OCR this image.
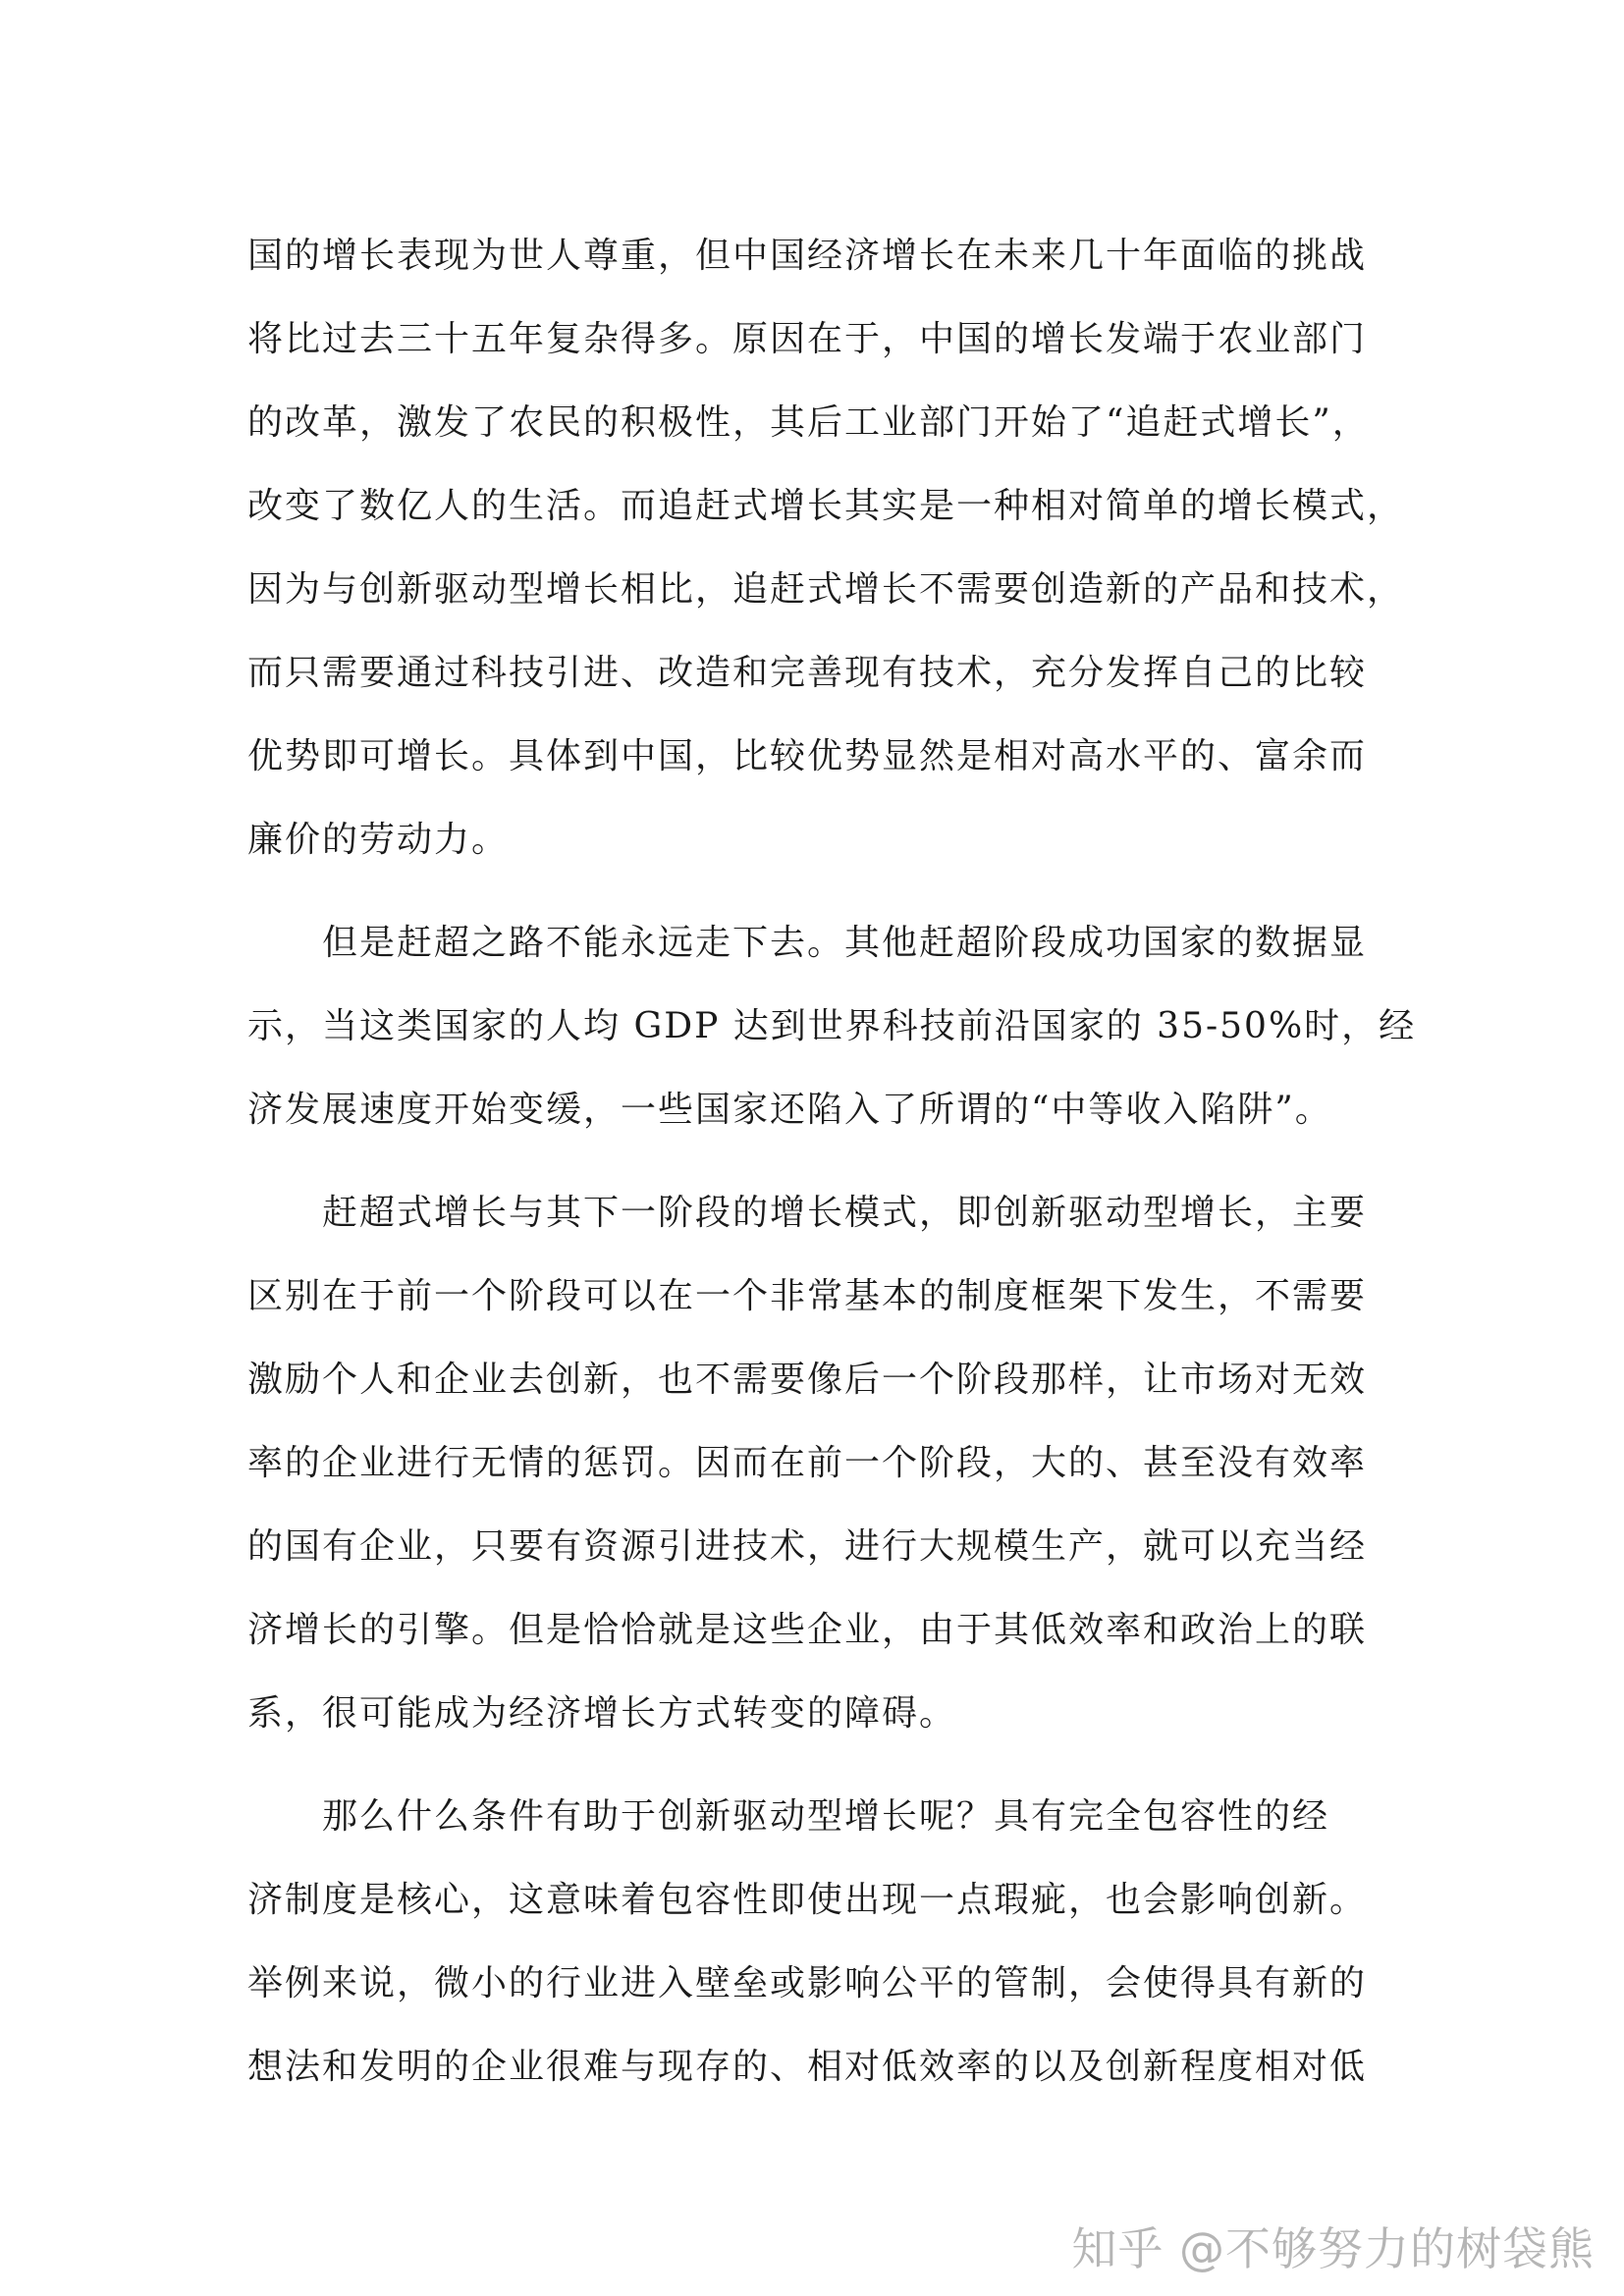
国的增长表现为世人尊重，但中国经济增长在未来几十年面临的挑战
将比过去三十五年复杂得多。原因在于，中国的增长发端于农业部门
的改革，激发了农民的积极性，其后工业部门开始了“追赶式增长”，
改变了数亿人的生活。而追赶式增长其实是一种相对简单的增长模式，
因为与创新驱动型增长相比，追赶式增长不需要创造新的产品和技术，
而只需要通过科技引进、改造和完善现有技术，充分发挥自己的比较
优势即可增长。具体到中国，比较优势显然是相对高水平的、富余而
廉价的劳动力。
但是赶超之路不能永远走下去。其他赶超阶段成功国家的数据显
示，当这类国家的人均 GDP 达到世界科技前沿国家的 35-50%时，经
济发展速度开始变缓，一些国家还陷入了所谓的“中等收入陷阱”。
赶超式增长与其下一阶段的增长模式，即创新驱动型增长，主要
区别在于前一个阶段可以在一个非常基本的制度框架下发生，不需要
激励个人和企业去创新，也不需要像后一个阶段那样，让市场对无效
率的企业进行无情的惩罚。因而在前一个阶段，大的、甚至没有效率
的国有企业，只要有资源引进技术，进行大规模生产，就可以充当经
济增长的引擎。但是恰恰就是这些企业，由于其低效率和政治上的联
系，很可能成为经济增长方式转变的障碍。
那么什么条件有助于创新驱动型增长呢？具有完全包容性的经
济制度是核心，这意味着包容性即使出现一点瑕疵，也会影响创新。
举例来说，微小的行业进入壁垒或影响公平的管制，会使得具有新的
想法和发明的企业很难与现存的、相对低效率的以及创新程度相对低
知乎 @不够努力的树袋熊
